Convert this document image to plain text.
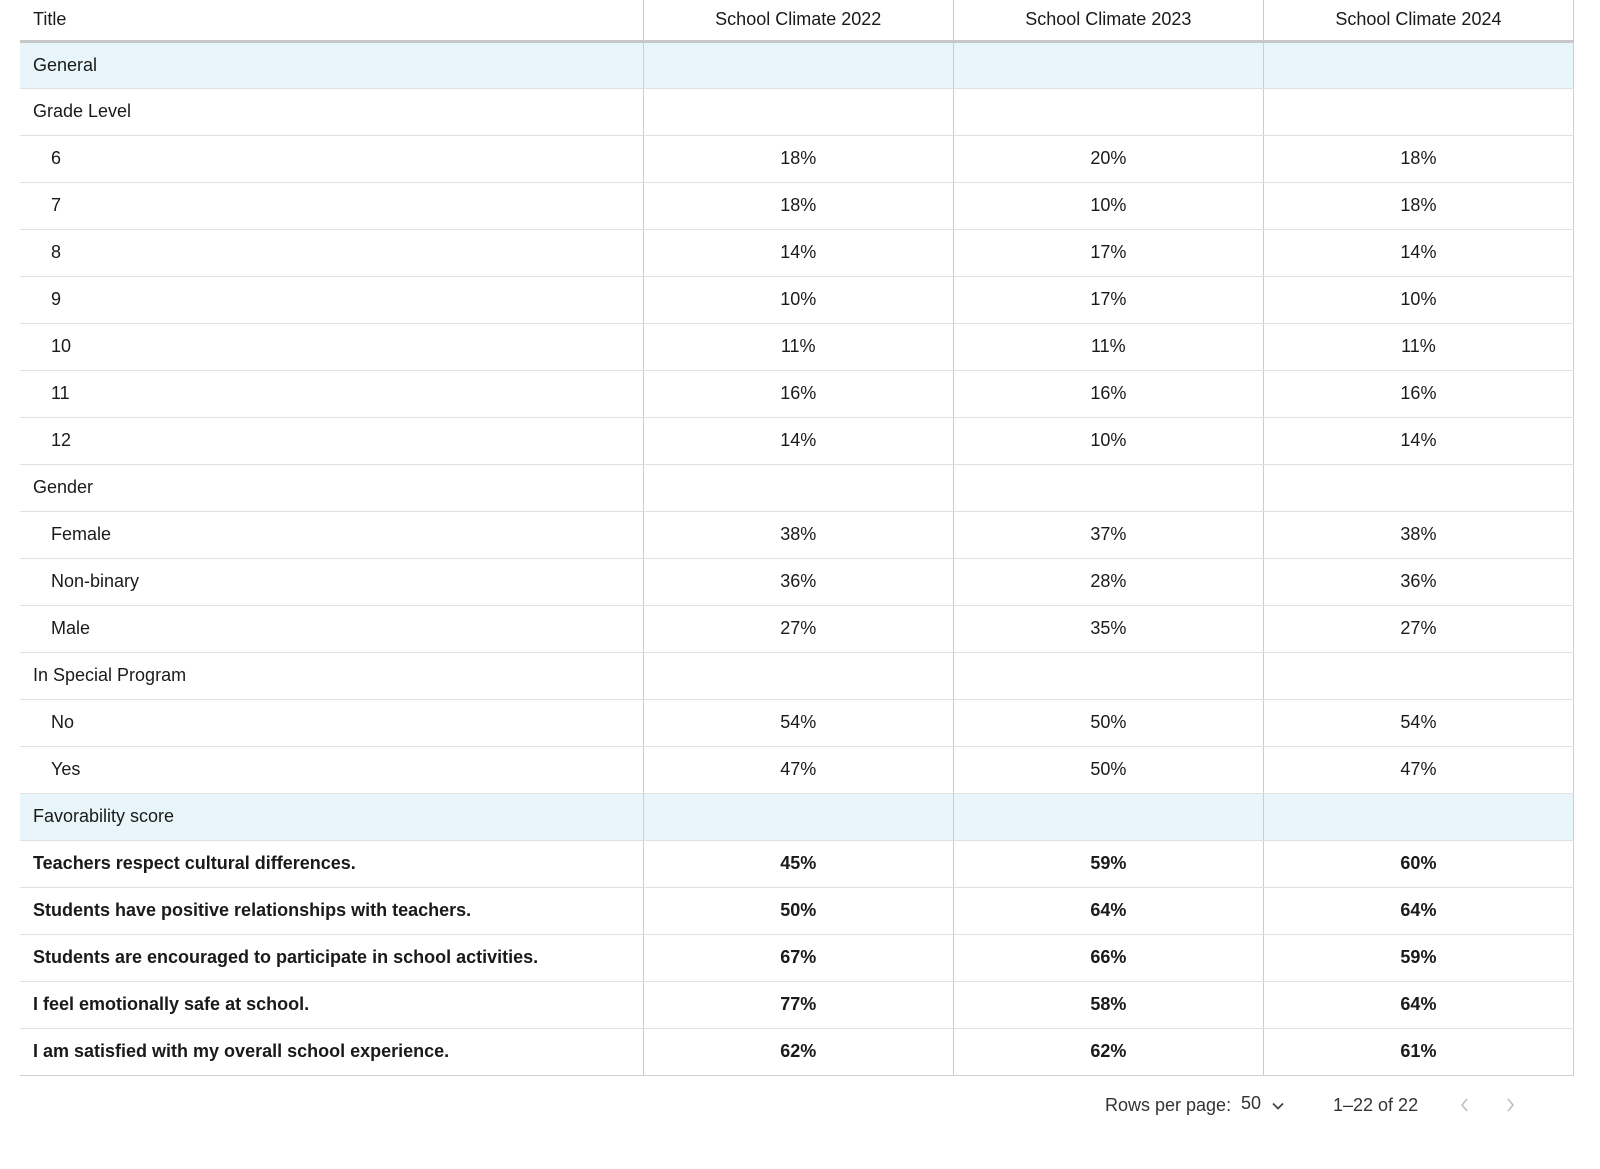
Title	School Climate 2022	School Climate 2023	School Climate 2024
General			
Grade Level			
6	18%	20%	18%
7	18%	10%	18%
8	14%	17%	14%
9	10%	17%	10%
10	11%	11%	11%
11	16%	16%	16%
12	14%	10%	14%
Gender			
Female	38%	37%	38%
Non-binary	36%	28%	36%
Male	27%	35%	27%
In Special Program			
No	54%	50%	54%
Yes	47%	50%	47%
Favorability score			
Teachers respect cultural differences.	45%	59%	60%
Students have positive relationships with teachers.	50%	64%	64%
Students are encouraged to participate in school activities.	67%	66%	59%
I feel emotionally safe at school.	77%	58%	64%
I am satisfied with my overall school experience.	62%	62%	61%
Rows per page: 50	1–22 of 22
